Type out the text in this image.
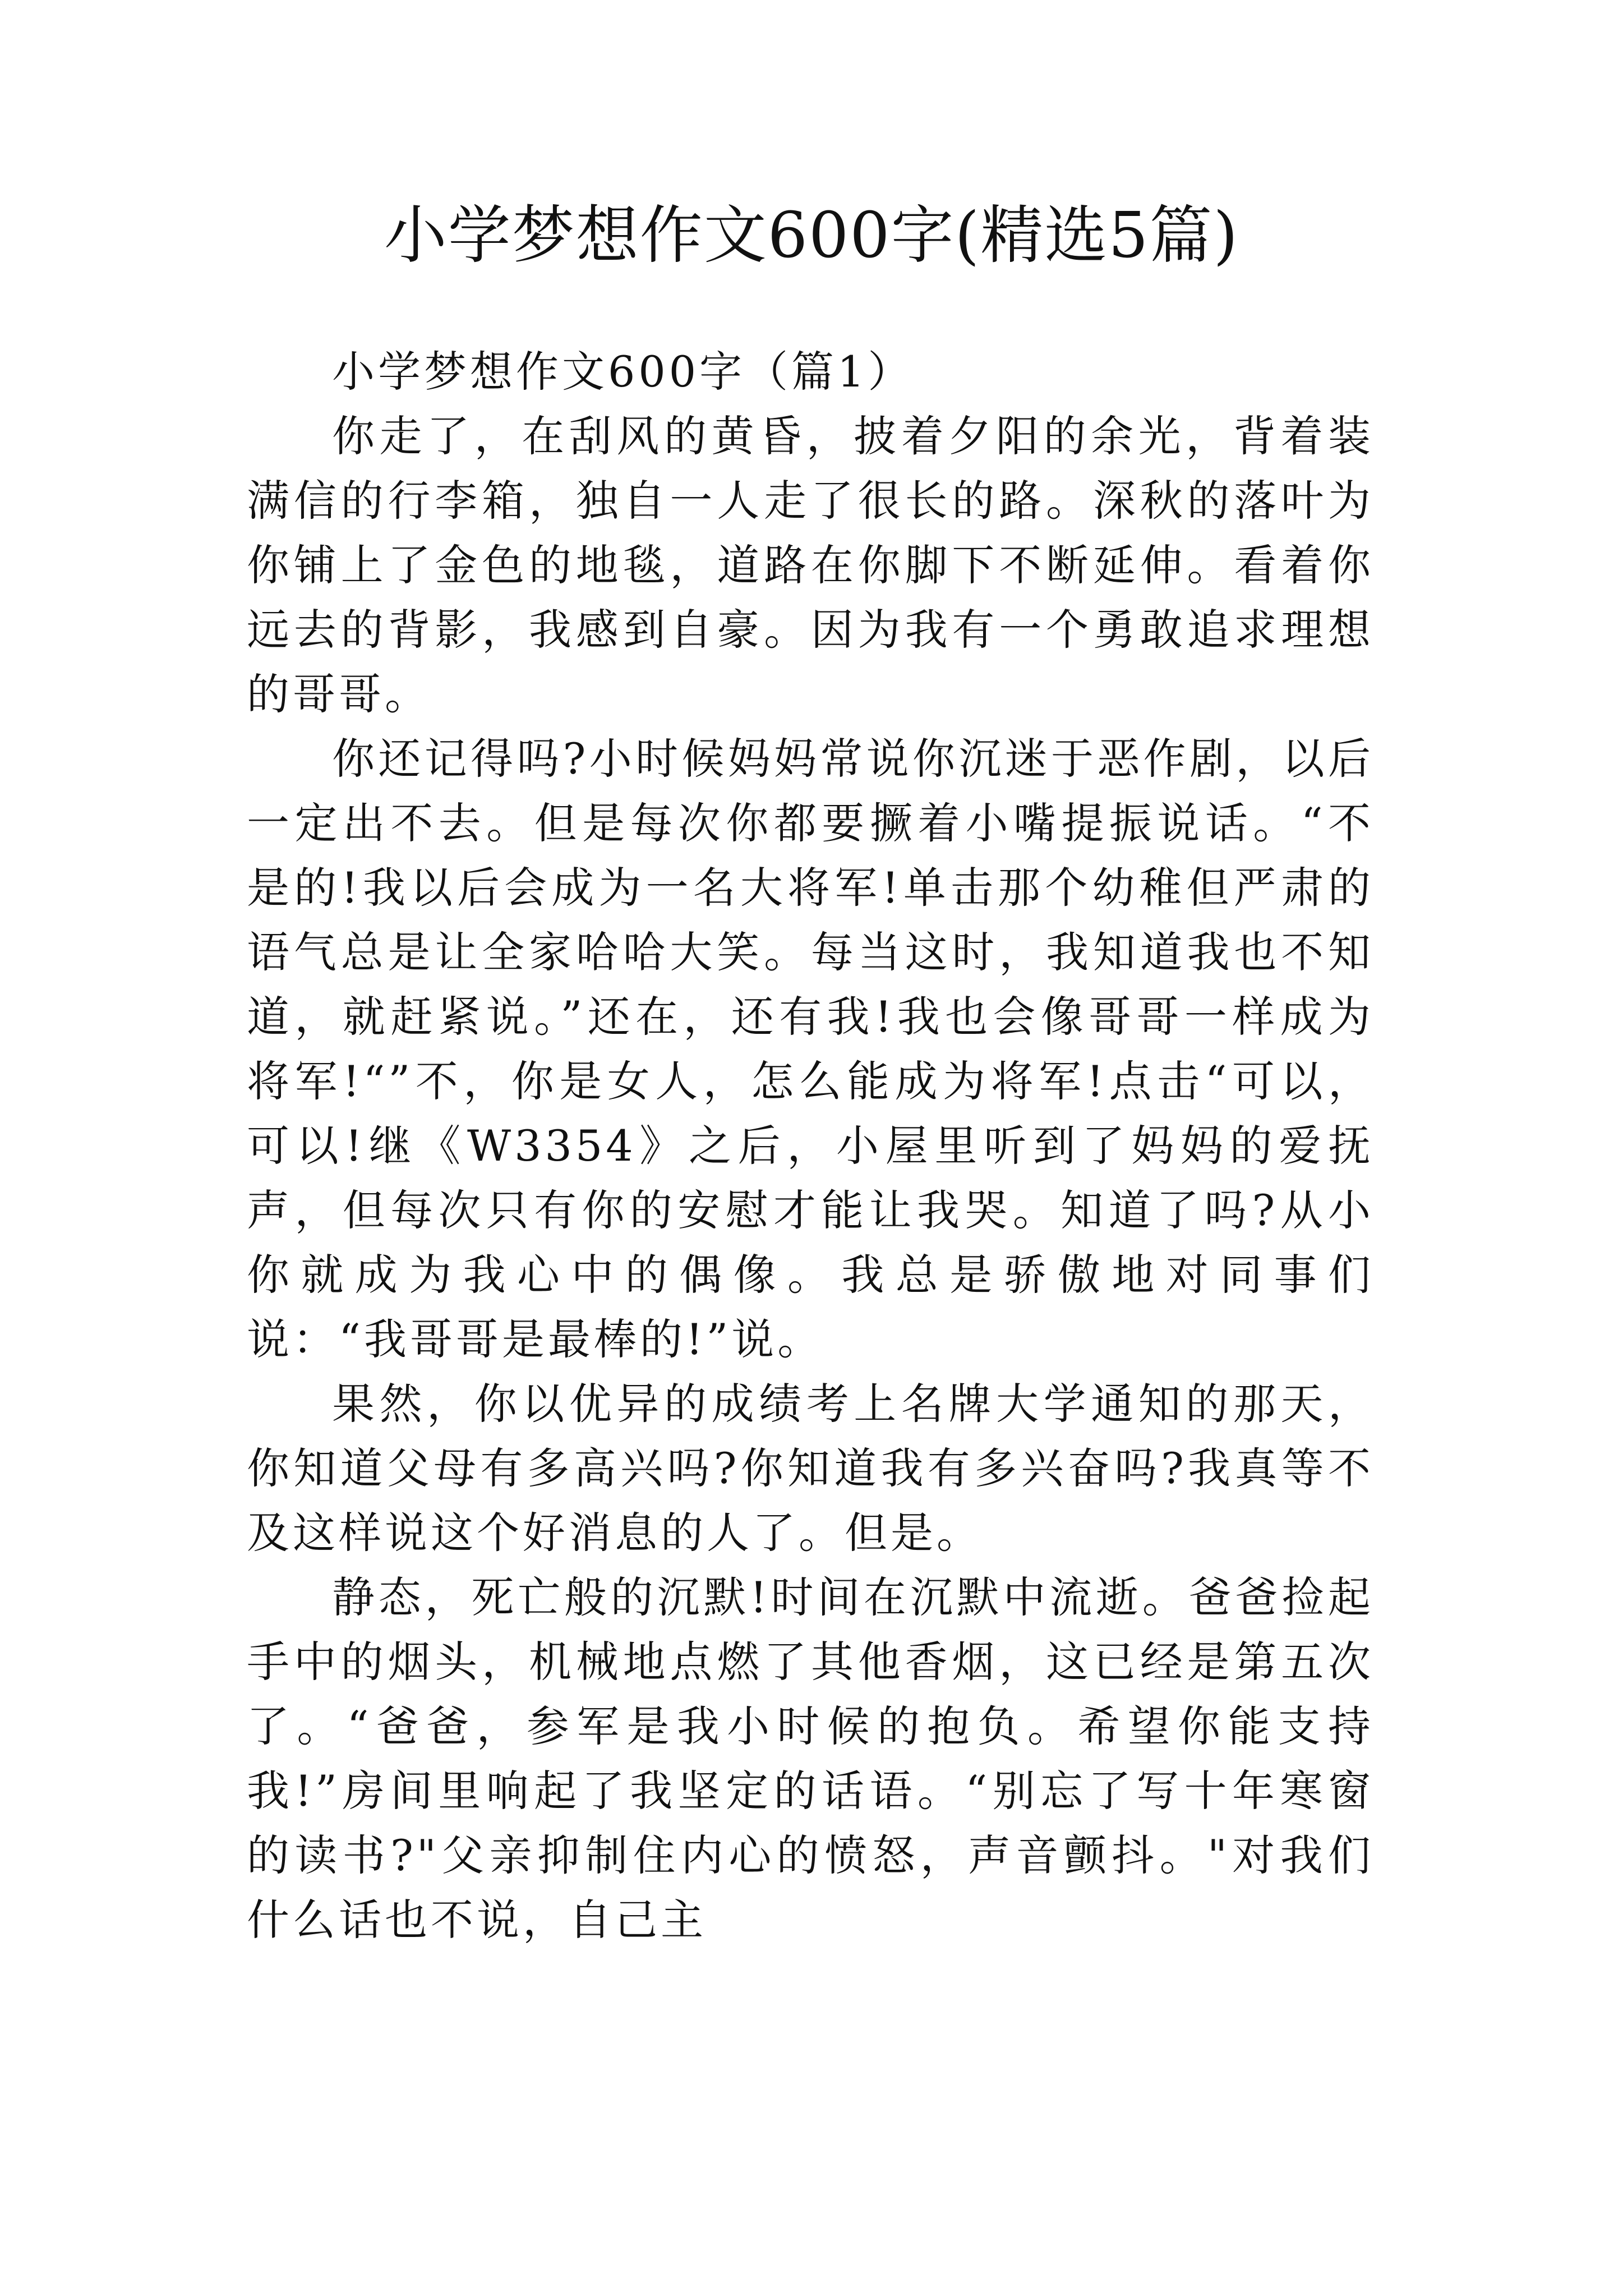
小学梦想作文600字(精选5篇)

小学梦想作文600字（篇1）

你走了，在刮风的黄昏，披着夕阳的余光，背着装满信的行李箱，独自一人走了很长的路。深秋的落叶为你铺上了金色的地毯，道路在你脚下不断延伸。看着你远去的背影，我感到自豪。因为我有一个勇敢追求理想的哥哥。

你还记得吗?小时候妈妈常说你沉迷于恶作剧，以后一定出不去。但是每次你都要撅着小嘴提振说话。“不是的!我以后会成为一名大将军!单击那个幼稚但严肃的语气总是让全家哈哈大笑。每当这时，我知道我也不知道，就赶紧说。”还在，还有我!我也会像哥哥一样成为将军!“”不，你是女人，怎么能成为将军!点击“可以，可以!继《W3354》之后，小屋里听到了妈妈的爱抚声，但每次只有你的安慰才能让我哭。知道了吗?从小你就成为我心中的偶像。我总是骄傲地对同事们说：“我哥哥是最棒的!”说。

果然，你以优异的成绩考上名牌大学通知的那天，你知道父母有多高兴吗?你知道我有多兴奋吗?我真等不及这样说这个好消息的人了。但是。

静态，死亡般的沉默!时间在沉默中流逝。爸爸捡起手中的烟头，机械地点燃了其他香烟，这已经是第五次了。“爸爸，参军是我小时候的抱负。希望你能支持我!”房间里响起了我坚定的话语。“别忘了写十年寒窗的读书?"父亲抑制住内心的愤怒，声音颤抖。"对我们什么话也不说，自己主
